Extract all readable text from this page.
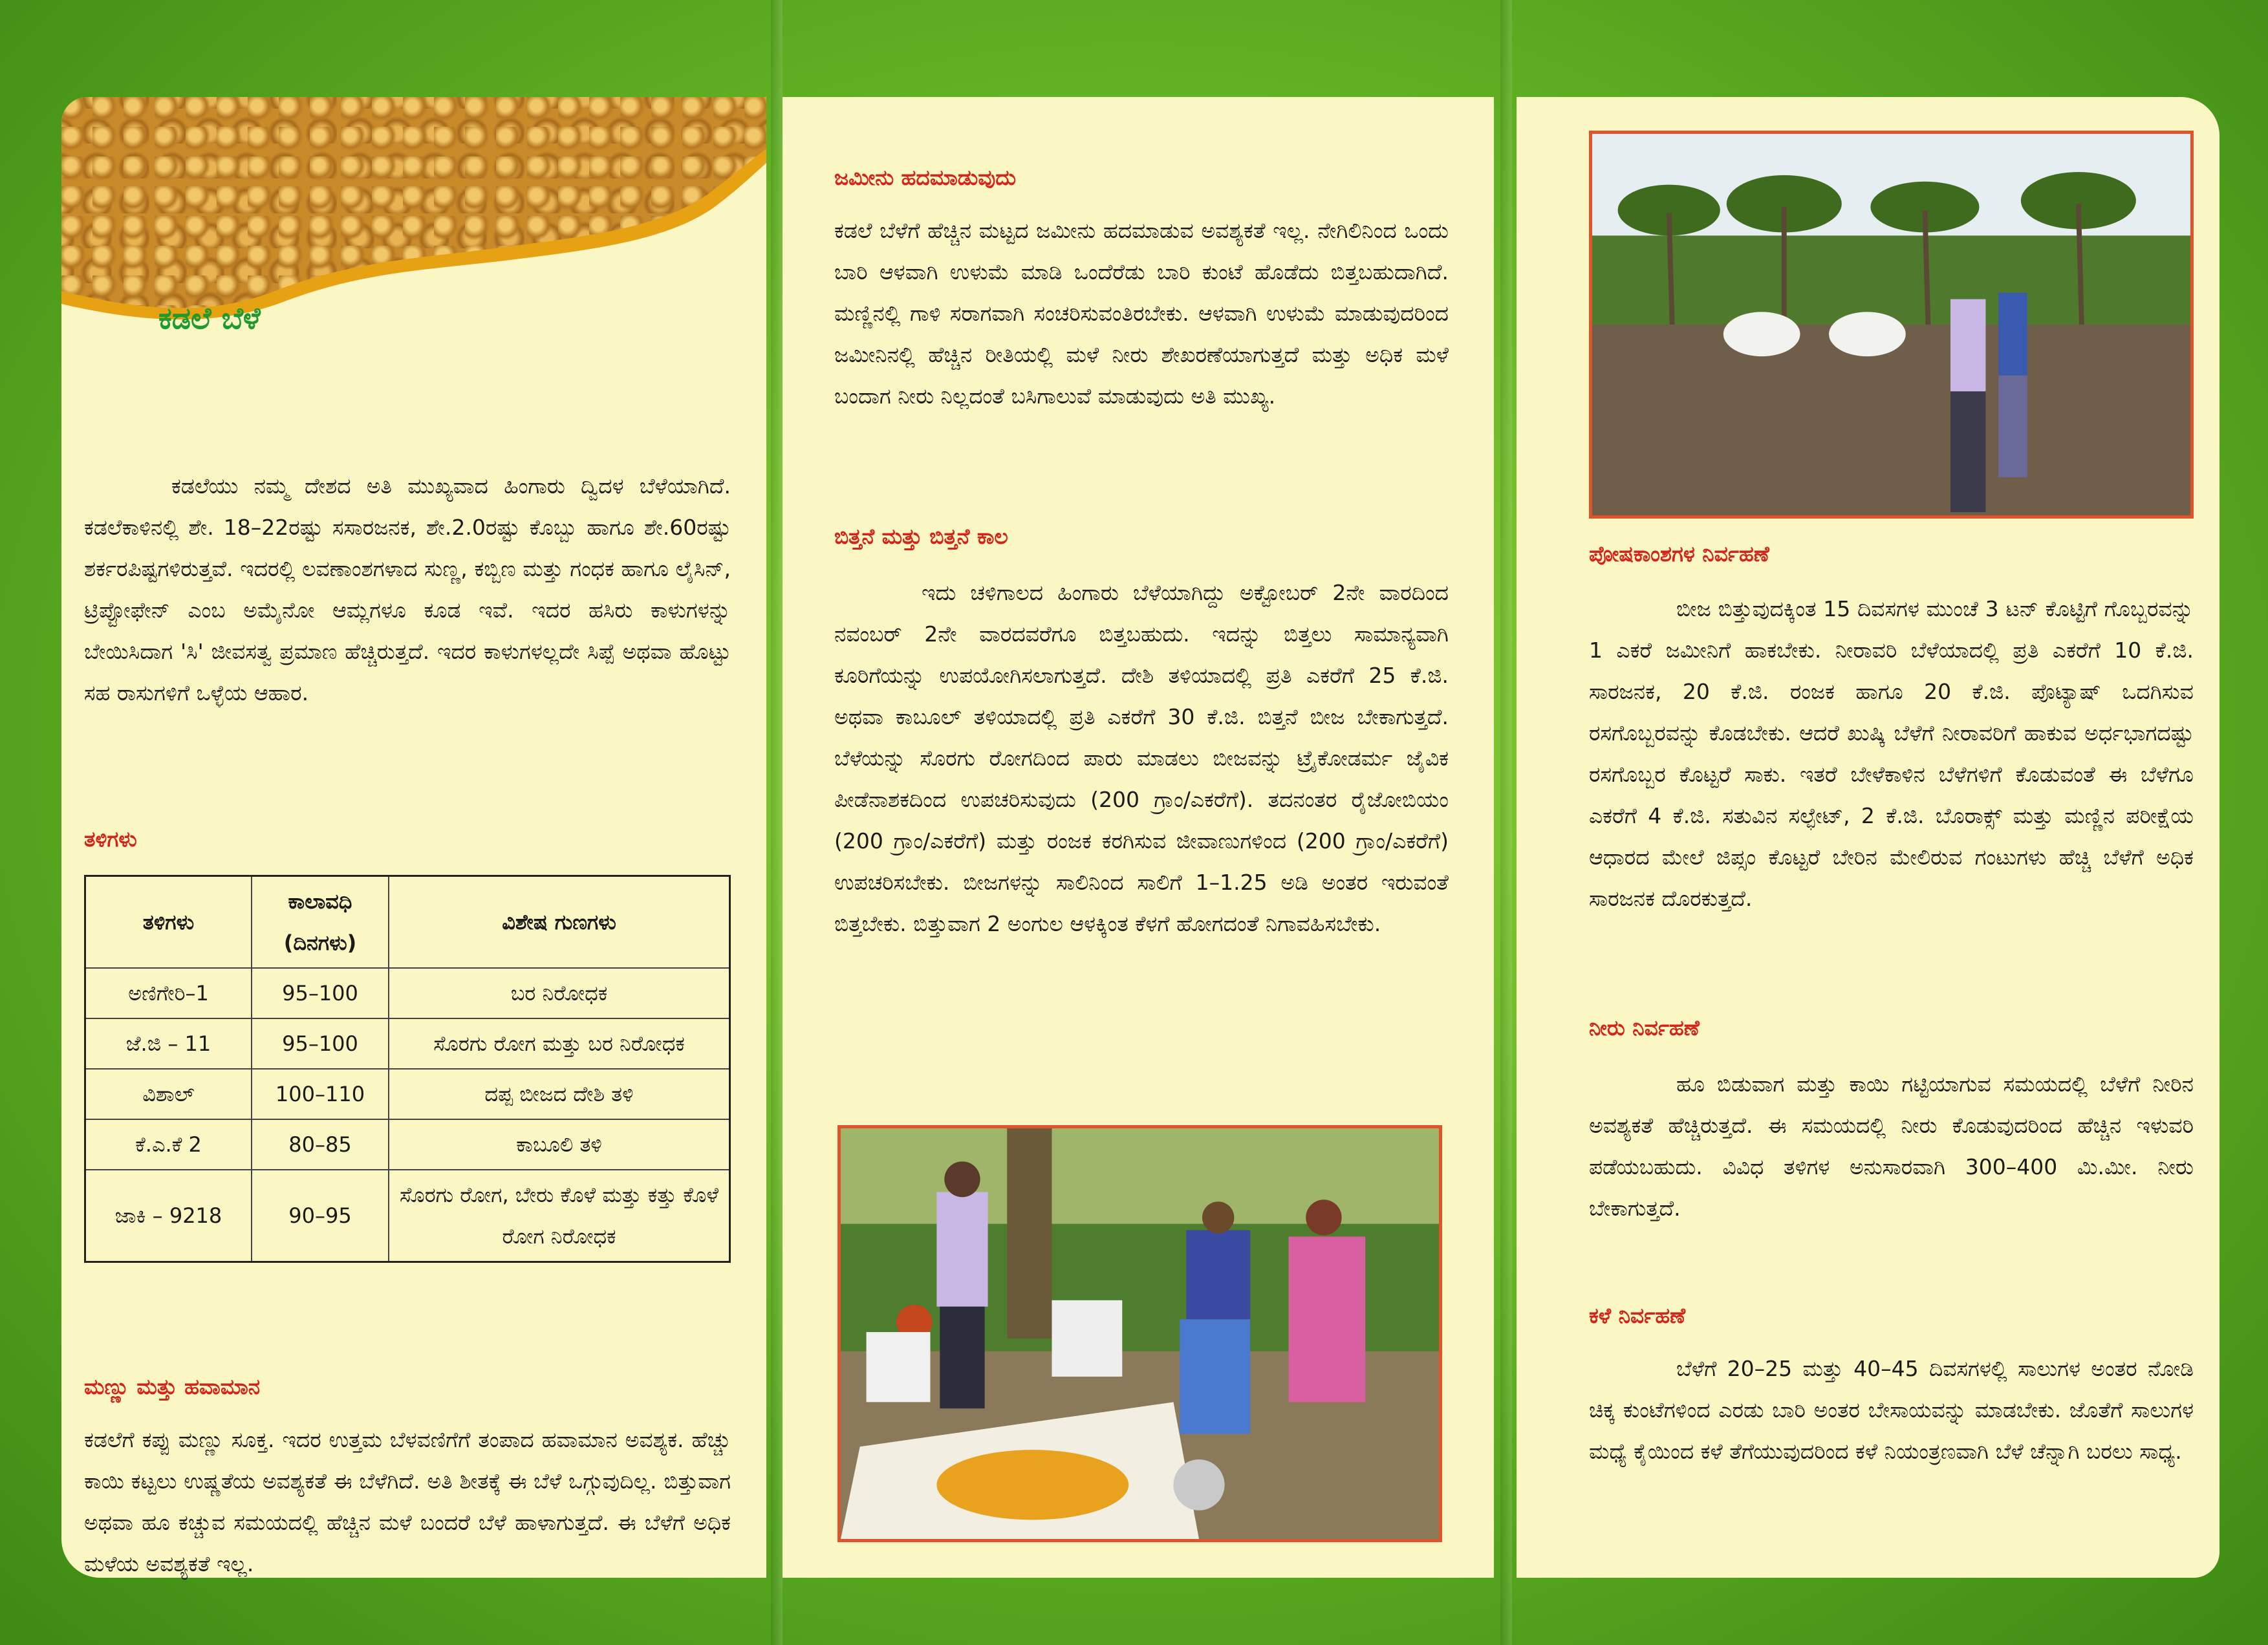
ಕಡಲೆ ಬೆಳೆ

ಕಡಲೆಯು ನಮ್ಮ ದೇಶದ ಅತಿ ಮುಖ್ಯವಾದ ಹಿಂಗಾರು ದ್ವಿದಳ ಬೆಳೆಯಾಗಿದೆ. ಕಡಲೆಕಾಳಿನಲ್ಲಿ ಶೇ. 18–22ರಷ್ಟು ಸಸಾರಜನಕ, ಶೇ.2.0ರಷ್ಟು ಕೊಬ್ಬು ಹಾಗೂ ಶೇ.60ರಷ್ಟು ಶರ್ಕರಪಿಷ್ಟಗಳಿರುತ್ತವೆ. ಇದರಲ್ಲಿ ಲವಣಾಂಶಗಳಾದ ಸುಣ್ಣ, ಕಬ್ಬಿಣ ಮತ್ತು ಗಂಧಕ ಹಾಗೂ ಲೈಸಿನ್, ಟ್ರಿಪ್ಟೋಫೇನ್ ಎಂಬ ಅಮೈನೋ ಆಮ್ಲಗಳೂ ಕೂಡ ಇವೆ. ಇದರ ಹಸಿರು ಕಾಳುಗಳನ್ನು ಬೇಯಿಸಿದಾಗ 'ಸಿ' ಜೀವಸತ್ವ ಪ್ರಮಾಣ ಹೆಚ್ಚಿರುತ್ತದೆ. ಇದರ ಕಾಳುಗಳಲ್ಲದೇ ಸಿಪ್ಪೆ ಅಥವಾ ಹೊಟ್ಟು ಸಹ ರಾಸುಗಳಿಗೆ ಒಳ್ಳೆಯ ಆಹಾರ.

ತಳಿಗಳು
ತಳಿಗಳು	ಕಾಲಾವಧಿ (ದಿನಗಳು)	ವಿಶೇಷ ಗುಣಗಳು
ಅಣಿಗೇರಿ–1	95–100	ಬರ ನಿರೋಧಕ
ಜೆ.ಜಿ – 11	95–100	ಸೊರಗು ರೋಗ ಮತ್ತು ಬರ ನಿರೋಧಕ
ವಿಶಾಲ್	100–110	ದಪ್ಪ ಬೀಜದ ದೇಶಿ ತಳಿ
ಕೆ.ಎ.ಕೆ 2	80–85	ಕಾಬೂಲಿ ತಳಿ
ಜಾಕಿ – 9218	90–95	ಸೊರಗು ರೋಗ, ಬೇರು ಕೊಳೆ ಮತ್ತು ಕತ್ತು ಕೊಳೆ ರೋಗ ನಿರೋಧಕ
ಮಣ್ಣು ಮತ್ತು ಹವಾಮಾನ

ಕಡಲೆಗೆ ಕಪ್ಪು ಮಣ್ಣು ಸೂಕ್ತ. ಇದರ ಉತ್ತಮ ಬೆಳವಣಿಗೆಗೆ ತಂಪಾದ ಹವಾಮಾನ ಅವಶ್ಯಕ. ಹೆಚ್ಚು ಕಾಯಿ ಕಟ್ಟಲು ಉಷ್ಣತೆಯ ಅವಶ್ಯಕತೆ ಈ ಬೆಳೆಗಿದೆ. ಅತಿ ಶೀತಕ್ಕೆ ಈ ಬೆಳೆ ಒಗ್ಗುವುದಿಲ್ಲ. ಬಿತ್ತುವಾಗ ಅಥವಾ ಹೂ ಕಚ್ಚುವ ಸಮಯದಲ್ಲಿ ಹೆಚ್ಚಿನ ಮಳೆ ಬಂದರೆ ಬೆಳೆ ಹಾಳಾಗುತ್ತದೆ. ಈ ಬೆಳೆಗೆ ಅಧಿಕ ಮಳೆಯ ಅವಶ್ಯಕತೆ ಇಲ್ಲ.

ಜಮೀನು ಹದಮಾಡುವುದು

ಕಡಲೆ ಬೆಳೆಗೆ ಹೆಚ್ಚಿನ ಮಟ್ಟದ ಜಮೀನು ಹದಮಾಡುವ ಅವಶ್ಯಕತೆ ಇಲ್ಲ. ನೇಗಿಲಿನಿಂದ ಒಂದು ಬಾರಿ ಆಳವಾಗಿ ಉಳುಮೆ ಮಾಡಿ ಒಂದೆರೆಡು ಬಾರಿ ಕುಂಟೆ ಹೊಡೆದು ಬಿತ್ತಬಹುದಾಗಿದೆ. ಮಣ್ಣಿನಲ್ಲಿ ಗಾಳಿ ಸರಾಗವಾಗಿ ಸಂಚರಿಸುವಂತಿರಬೇಕು. ಆಳವಾಗಿ ಉಳುಮೆ ಮಾಡುವುದರಿಂದ ಜಮೀನಿನಲ್ಲಿ ಹೆಚ್ಚಿನ ರೀತಿಯಲ್ಲಿ ಮಳೆ ನೀರು ಶೇಖರಣೆಯಾಗುತ್ತದೆ ಮತ್ತು ಅಧಿಕ ಮಳೆ ಬಂದಾಗ ನೀರು ನಿಲ್ಲದಂತೆ ಬಸಿಗಾಲುವೆ ಮಾಡುವುದು ಅತಿ ಮುಖ್ಯ.

ಬಿತ್ತನೆ ಮತ್ತು ಬಿತ್ತನೆ ಕಾಲ

ಇದು ಚಳಿಗಾಲದ ಹಿಂಗಾರು ಬೆಳೆಯಾಗಿದ್ದು ಅಕ್ಟೋಬರ್ 2ನೇ ವಾರದಿಂದ ನವಂಬರ್ 2ನೇ ವಾರದವರೆಗೂ ಬಿತ್ತಬಹುದು. ಇದನ್ನು ಬಿತ್ತಲು ಸಾಮಾನ್ಯವಾಗಿ ಕೂರಿಗೆಯನ್ನು ಉಪಯೋಗಿಸಲಾಗುತ್ತದೆ. ದೇಶಿ ತಳಿಯಾದಲ್ಲಿ ಪ್ರತಿ ಎಕರೆಗೆ 25 ಕೆ.ಜಿ. ಅಥವಾ ಕಾಬೂಲ್ ತಳಿಯಾದಲ್ಲಿ ಪ್ರತಿ ಎಕರೆಗೆ 30 ಕೆ.ಜಿ. ಬಿತ್ತನೆ ಬೀಜ ಬೇಕಾಗುತ್ತದೆ. ಬೆಳೆಯನ್ನು ಸೊರಗು ರೋಗದಿಂದ ಪಾರು ಮಾಡಲು ಬೀಜವನ್ನು ಟ್ರೈಕೋಡರ್ಮ ಜೈವಿಕ ಪೀಡೆನಾಶಕದಿಂದ ಉಪಚರಿಸುವುದು (200 ಗ್ರಾಂ/ಎಕರೆಗೆ). ತದನಂತರ ರೈಜೋಬಿಯಂ (200 ಗ್ರಾಂ/ಎಕರೆಗೆ) ಮತ್ತು ರಂಜಕ ಕರಗಿಸುವ ಜೀವಾಣುಗಳಿಂದ (200 ಗ್ರಾಂ/ಎಕರೆಗೆ) ಉಪಚರಿಸಬೇಕು. ಬೀಜಗಳನ್ನು ಸಾಲಿನಿಂದ ಸಾಲಿಗೆ 1–1.25 ಅಡಿ ಅಂತರ ಇರುವಂತೆ ಬಿತ್ತಬೇಕು. ಬಿತ್ತುವಾಗ 2 ಅಂಗುಲ ಆಳಕ್ಕಿಂತ ಕೆಳಗೆ ಹೋಗದಂತೆ ನಿಗಾವಹಿಸಬೇಕು.

ಪೋಷಕಾಂಶಗಳ ನಿರ್ವಹಣೆ

ಬೀಜ ಬಿತ್ತುವುದಕ್ಕಿಂತ 15 ದಿವಸಗಳ ಮುಂಚೆ 3 ಟನ್ ಕೊಟ್ಟಿಗೆ ಗೊಬ್ಬರವನ್ನು 1 ಎಕರೆ ಜಮೀನಿಗೆ ಹಾಕಬೇಕು. ನೀರಾವರಿ ಬೆಳೆಯಾದಲ್ಲಿ ಪ್ರತಿ ಎಕರೆಗೆ 10 ಕೆ.ಜಿ. ಸಾರಜನಕ, 20 ಕೆ.ಜಿ. ರಂಜಕ ಹಾಗೂ 20 ಕೆ.ಜಿ. ಪೊಟ್ಯಾಷ್ ಒದಗಿಸುವ ರಸಗೊಬ್ಬರವನ್ನು ಕೊಡಬೇಕು. ಆದರೆ ಖುಷ್ಕಿ ಬೆಳೆಗೆ ನೀರಾವರಿಗೆ ಹಾಕುವ ಅರ್ಧಭಾಗದಷ್ಟು ರಸಗೊಬ್ಬರ ಕೊಟ್ಟರೆ ಸಾಕು. ಇತರೆ ಬೇಳೆಕಾಳಿನ ಬೆಳೆಗಳಿಗೆ ಕೊಡುವಂತೆ ಈ ಬೆಳೆಗೂ ಎಕರೆಗೆ 4 ಕೆ.ಜಿ. ಸತುವಿನ ಸಲ್ಫೇಟ್, 2 ಕೆ.ಜಿ. ಬೊರಾಕ್ಸ್ ಮತ್ತು ಮಣ್ಣಿನ ಪರೀಕ್ಷೆಯ ಆಧಾರದ ಮೇಲೆ ಜಿಪ್ಸಂ ಕೊಟ್ಟರೆ ಬೇರಿನ ಮೇಲಿರುವ ಗಂಟುಗಳು ಹೆಚ್ಚಿ ಬೆಳೆಗೆ ಅಧಿಕ ಸಾರಜನಕ ದೊರಕುತ್ತದೆ.

ನೀರು ನಿರ್ವಹಣೆ

ಹೂ ಬಿಡುವಾಗ ಮತ್ತು ಕಾಯಿ ಗಟ್ಟಿಯಾಗುವ ಸಮಯದಲ್ಲಿ ಬೆಳೆಗೆ ನೀರಿನ ಅವಶ್ಯಕತೆ ಹೆಚ್ಚಿರುತ್ತದೆ. ಈ ಸಮಯದಲ್ಲಿ ನೀರು ಕೊಡುವುದರಿಂದ ಹೆಚ್ಚಿನ ಇಳುವರಿ ಪಡೆಯಬಹುದು. ವಿವಿಧ ತಳಿಗಳ ಅನುಸಾರವಾಗಿ 300–400 ಮಿ.ಮೀ. ನೀರು ಬೇಕಾಗುತ್ತದೆ.

ಕಳೆ ನಿರ್ವಹಣೆ

ಬೆಳೆಗೆ 20–25 ಮತ್ತು 40–45 ದಿವಸಗಳಲ್ಲಿ ಸಾಲುಗಳ ಅಂತರ ನೋಡಿ ಚಿಕ್ಕ ಕುಂಟೆಗಳಿಂದ ಎರಡು ಬಾರಿ ಅಂತರ ಬೇಸಾಯವನ್ನು ಮಾಡಬೇಕು. ಜೊತೆಗೆ ಸಾಲುಗಳ ಮಧ್ಯೆ ಕೈಯಿಂದ ಕಳೆ ತೆಗೆಯುವುದರಿಂದ ಕಳೆ ನಿಯಂತ್ರಣವಾಗಿ ಬೆಳೆ ಚೆನ್ನಾಗಿ ಬರಲು ಸಾಧ್ಯ.
